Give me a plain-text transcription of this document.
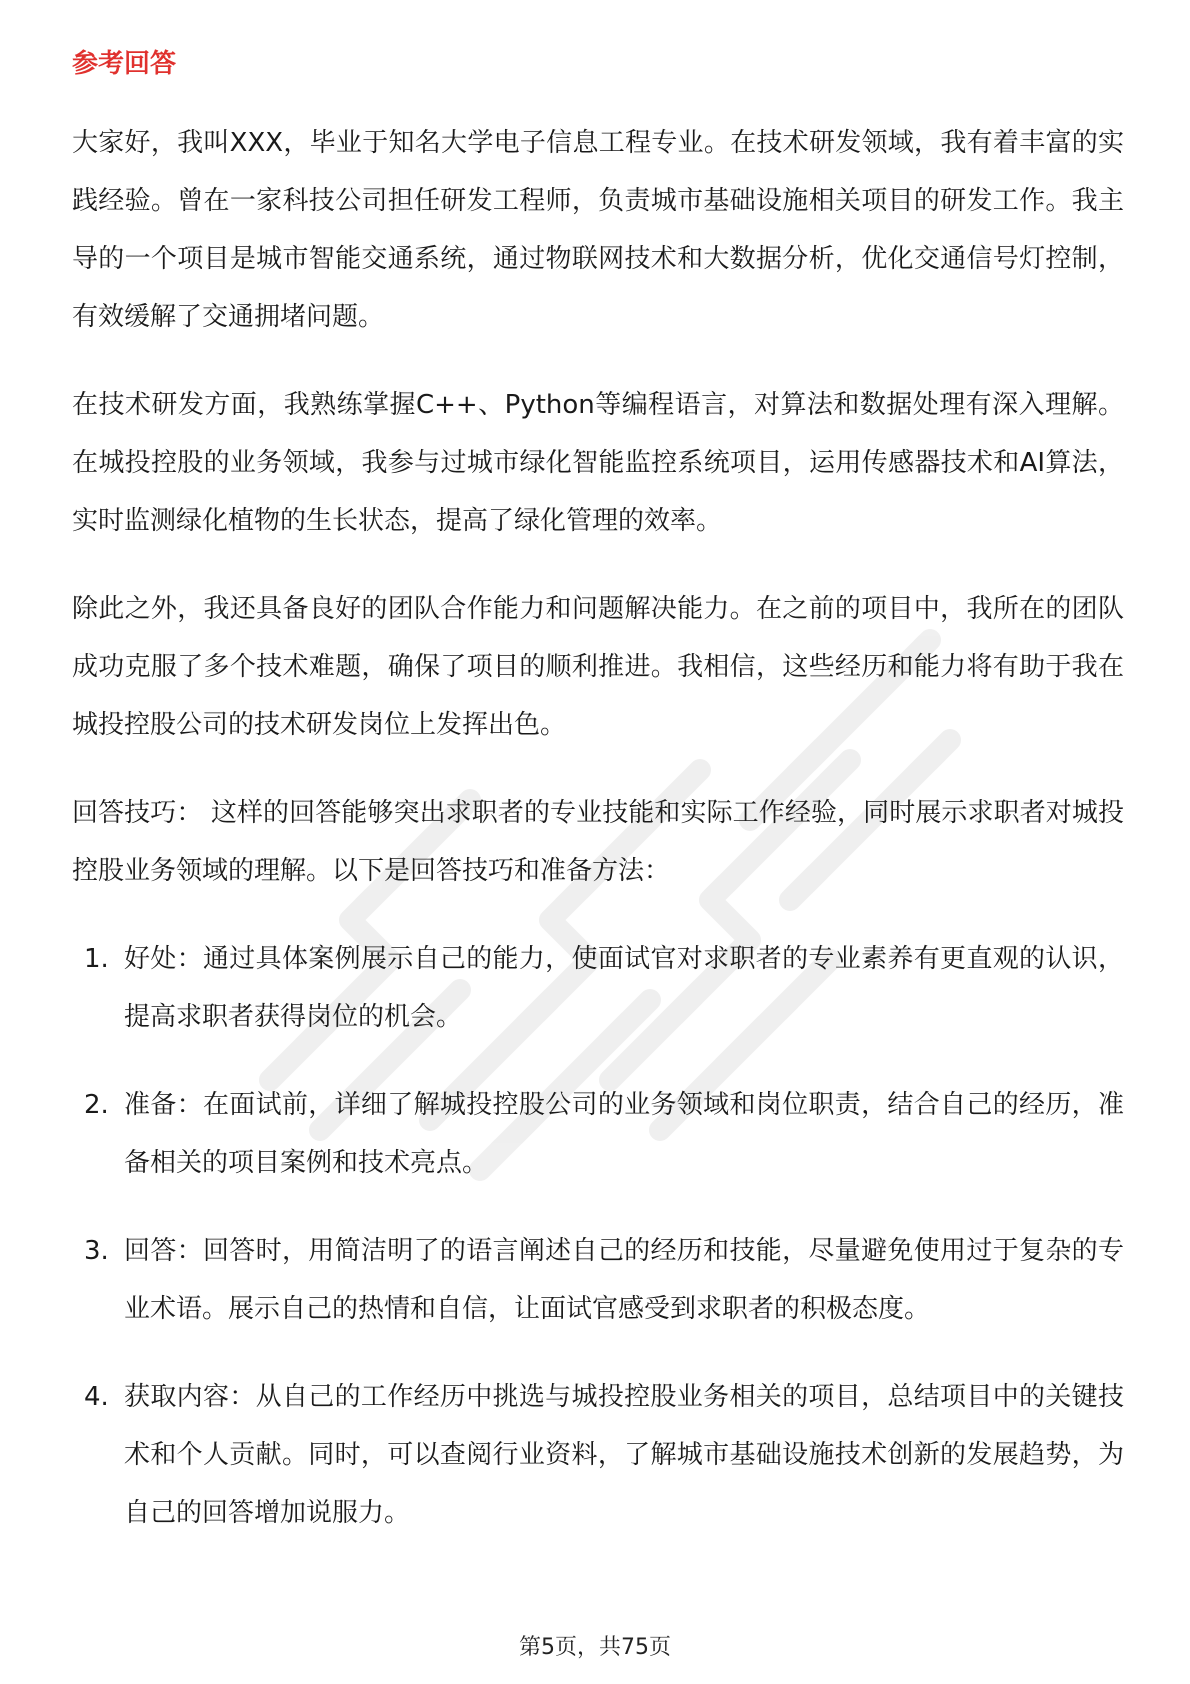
参考回答

大家好，我叫XXX，毕业于知名大学电子信息工程专业。在技术研发领域，我有着丰富的实践经验。曾在一家科技公司担任研发工程师，负责城市基础设施相关项目的研发工作。我主导的一个项目是城市智能交通系统，通过物联网技术和大数据分析，优化交通信号灯控制，有效缓解了交通拥堵问题。

在技术研发方面，我熟练掌握C++、Python等编程语言，对算法和数据处理有深入理解。在城投控股的业务领域，我参与过城市绿化智能监控系统项目，运用传感器技术和AI算法，实时监测绿化植物的生长状态，提高了绿化管理的效率。

除此之外，我还具备良好的团队合作能力和问题解决能力。在之前的项目中，我所在的团队成功克服了多个技术难题，确保了项目的顺利推进。我相信，这些经历和能力将有助于我在城投控股公司的技术研发岗位上发挥出色。

回答技巧： 这样的回答能够突出求职者的专业技能和实际工作经验，同时展示求职者对城投控股业务领域的理解。以下是回答技巧和准备方法：

1. 好处：通过具体案例展示自己的能力，使面试官对求职者的专业素养有更直观的认识，提高求职者获得岗位的机会。
2. 准备：在面试前，详细了解城投控股公司的业务领域和岗位职责，结合自己的经历，准备相关的项目案例和技术亮点。
3. 回答：回答时，用简洁明了的语言阐述自己的经历和技能，尽量避免使用过于复杂的专业术语。展示自己的热情和自信，让面试官感受到求职者的积极态度。
4. 获取内容：从自己的工作经历中挑选与城投控股业务相关的项目，总结项目中的关键技术和个人贡献。同时，可以查阅行业资料，了解城市基础设施技术创新的发展趋势，为自己的回答增加说服力。
第5页，共75页
